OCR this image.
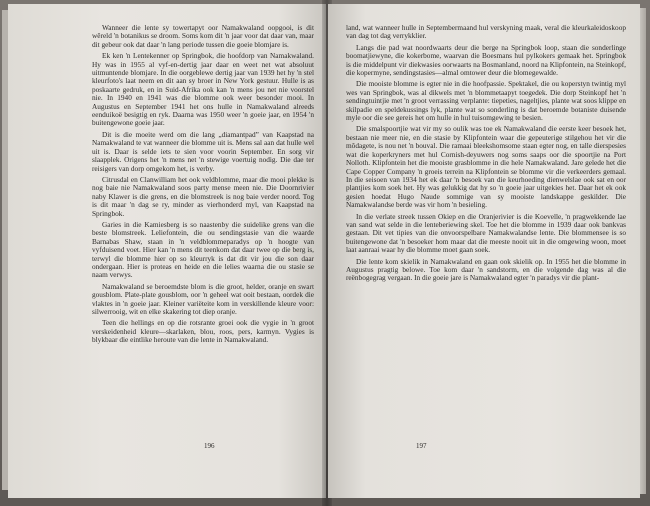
Wanneer die lente sy towertapyt oor Namakwaland oopgooi, is dit wêreld 'n botanikus se droom. Soms kom dit 'n jaar voor dat daar van, maar dit gebeur ook dat daar 'n lang periode tussen die goeie blomjare is.

Ek ken 'n Lentekenner op Springbok, die hoofdorp van Namakwaland. Hy was in 1955 al vyf-en-dertig jaar daar en weet net wat absoluut uitmuntende blomjare. In die oorgeblewe dertig jaar van 1939 het hy 'n stel kleurfoto's laat neem en dit aan sy broer in New York gestuur. Hulle is as poskaarte gedruk, en in Suid-Afrika ook kan 'n mens jou net nie voorstel nie. In 1940 en 1941 was die blomme ook weer besonder mooi. In Augustus en September 1941 het ons hulle in Namakwaland alreeds eenduikoë besigtig en ryk. Daarna was 1950 weer 'n goeie jaar, en 1954 'n buitengewone goeie jaar.

Dit is die moeite werd om die lang „diamantpad” van Kaapstad na Namakwaland te vat wanneer die blomme uit is. Mens sal aan dat hulle wel uit is. Daar is selde iets te sien voor voorin September. En sorg vir slaapplek. Origens het 'n mens net 'n stewige voertuig nodig. Die dae ter reisigers van dorp omgekom het, is verby.

Citrusdal en Clanwilliam het ook veldblomme, maar die mooi plekke is nog baie nie Namakwaland soos party mense meen nie. Die Doornrivier naby Klawer is die grens, en die blomstreek is nog baie verder noord. Tog is dit maar 'n dag se ry, minder as vierhonderd myl, van Kaapstad na Springbok.

Garies in die Kamiesberg is so naastenby die suidelike grens van die beste blomstreek. Leliefontein, die ou sendingstasie van die waarde Barnabas Shaw, staan in 'n veldblommeparadys op 'n hoogte van vyfduisend voet. Hier kan 'n mens dit teenkom dat daar twee op die berg is, terwyl die blomme hier op so kleurryk is dat dit vir jou die son daar ondergaan. Hier is proteas en heide en die lelies waarna die ou stasie se naam verwys.

Namakwaland se beroemdste blom is die groot, helder, oranje en swart gousblom. Plate-plate gousblom, oor 'n geheel wat ooit bestaan, oordek die vlaktes in 'n goeie jaar. Kleiner variëteite kom in verskillende kleure voor: silwerrooig, wit en elke skakering tot diep oranje.

Teen die hellings en op die rotsrante groei ook die vygie in 'n groot verskeidenheid kleure—skarlaken, blou, roos, pers, karmyn. Vygies is blykbaar die eintlike heroute van die lente in Namakwaland.

196

land, wat wanneer hulle in Septembermaand hul verskyning maak, veral die kleurkaleidoskoop van dag tot dag verrykklier.

Langs die pad wat noordwaarts deur die berge na Springbok loop, staan die sonderlinge boomatjiewyne, die kokerbome, waarvan die Boesmans hul pylkokers gemaak het. Springbok is die middelpunt vir diekwasies oorwaarts na Bosmanland, noord na Klipfontein, na Steinkopf, die kopermyne, sendingstasies—almal omtower deur die blomegewalde.

Die mooiste blomme is egter nie in die hoofpassie. Spektakel, die ou koperstyn twintig myl wes van Springbok, was al dikwels met 'n blommetaapyt toegedek. Die dorp Steinkopf het 'n sendingtuintjie met 'n groot verrassing verplante: tiepeties, nageltjies, plante wat soos klippe en skilpadie en speldekussings lyk, plante wat so sonderling is dat beroemde botaniste duisende myle oor die see gereis het om hulle in hul tuisomgewing te besien.

Die smalspoortjie wat vir my so oulik was toe ek Namakwaland die eerste keer besoek het, bestaan nie meer nie, en die stasie by Klipfontein waar die gepeuterige stilgehou het vir die môdagete, is nou net 'n bouval. Die ramaai bleekshomsome staan egter nog, en talle dierspesies wat die koperkryners met hul Cornish-deyuwers nog soms saaps oor die spoortjie na Port Nolloth. Klipfontein het die mooiste grasblomme in die hele Namakwaland. Jare gelede het die Cape Copper Company 'n groeis terrein na Klipfontein se blomme vir die verkeerders gemaal. In die seisoen van 1934 het ek daar 'n besoek van die keurhoeding dienwelslae ook sat en oor plantjies kom soek het. Hy was gelukkig dat hy so 'n goeie jaar uitgekies het. Daar het ek ook gesien hoedat Hugo Naude sommige van sy mooiste landskappe geskilder. Die Namakwalandse berde was vir hom 'n besieling.

In die verlate streek tussen Okiep en die Oranjerivier is die Koevelle, 'n pragwekkende lae van sand wat selde in die lenteberiewing skel. Toe het die blomme in 1939 daar ook bankvas gestaan. Dit vet tipies van die onvoorspelbare Namakwalandse lente. Die blommensee is so buitengewone dat 'n besoeker hom maar dat die meeste nooit uit in die omgewing woon, moet laat aanraai waar hy die blomme moet gaan soek.

Die lente kom skielik in Namakwaland en gaan ook skielik op. In 1955 het die blomme in Augustus pragtig belowe. Toe kom daar 'n sandstorm, en die volgende dag was al die reënbogegrag vergaan. In die goeie jare is Namakwaland egter 'n paradys vir die plant-

197
